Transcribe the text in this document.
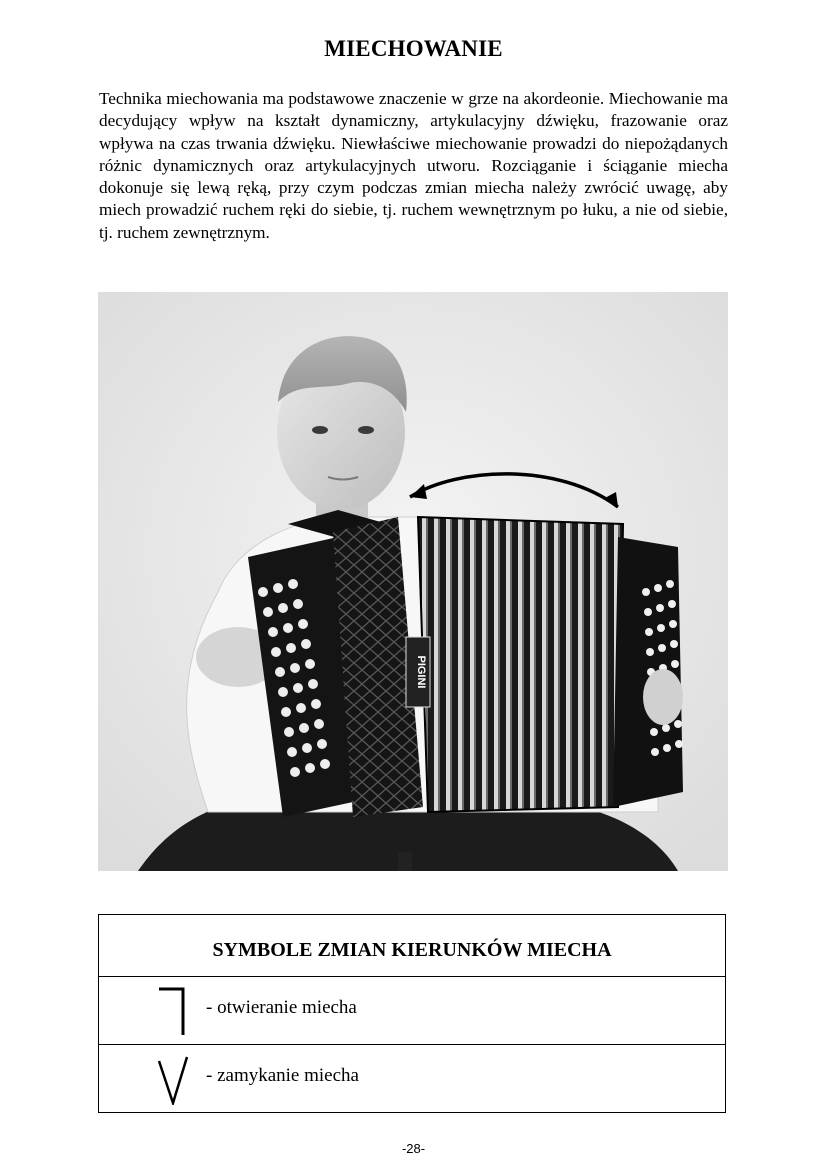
MIECHOWANIE

Technika miechowania ma podstawowe znaczenie w grze na akordeonie. Miechowanie ma decydujący wpływ na kształt dynamiczny, artykulacyjny dźwięku, frazowanie oraz wpływa na czas trwania dźwięku. Niewłaściwe miechowanie prowadzi do niepożądanych różnic dynamicznych oraz artykulacyjnych utworu. Rozciąganie i ściąganie miecha dokonuje się lewą ręką, przy czym podczas zmian miecha należy zwrócić uwagę, aby miech prowadzić ruchem ręki do siebie, tj. ruchem wewnętrznym po łuku, a nie od siebie, tj. ruchem zewnętrznym.

PIGINI
SYMBOLE ZMIAN KIERUNKÓW MIECHA
- otwieranie miecha
- zamykanie miecha
-28-
